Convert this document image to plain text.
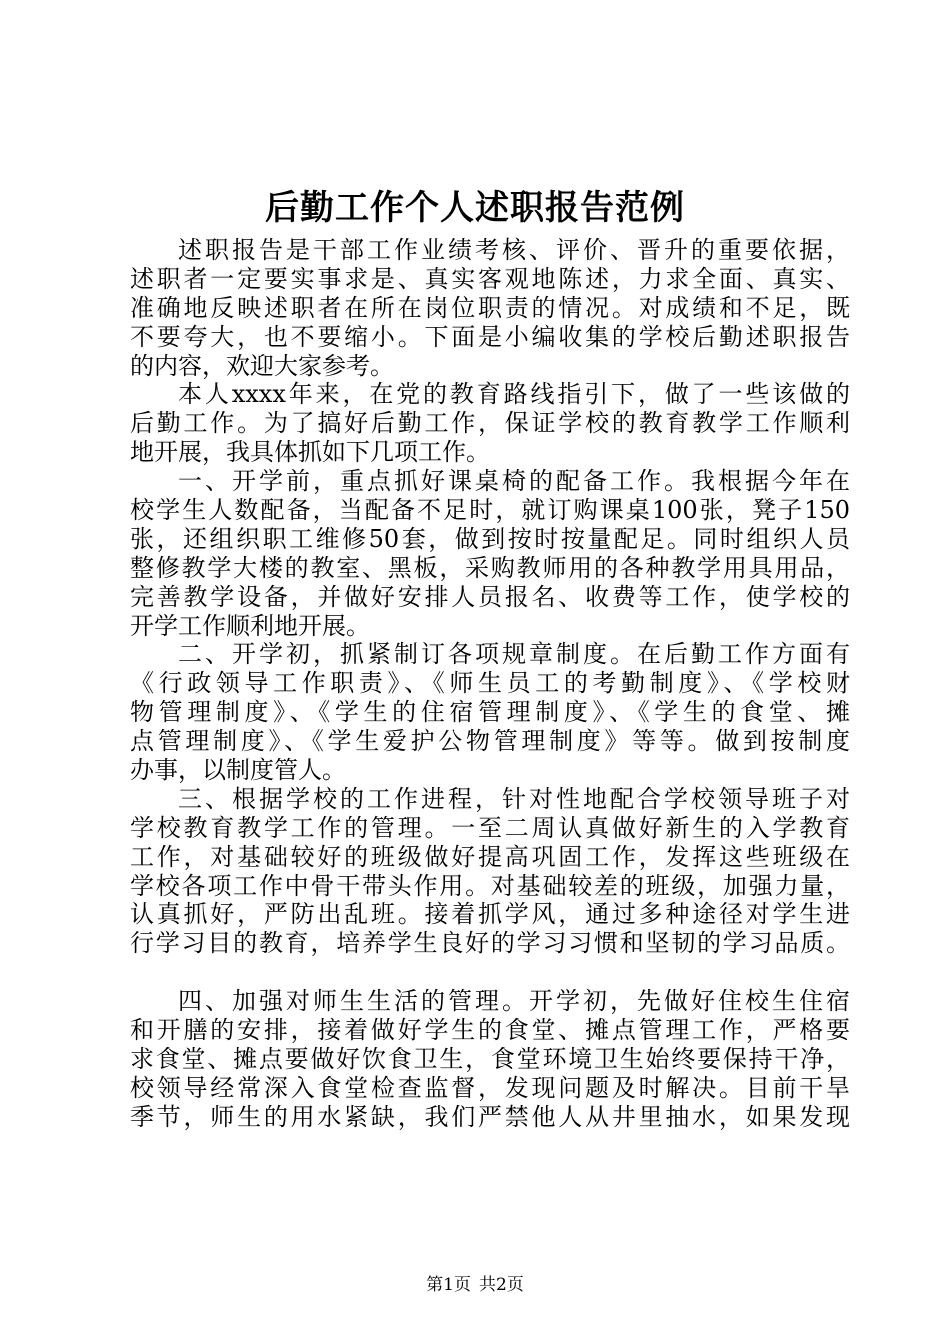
后勤工作个人述职报告范例
述职报告是干部工作业绩考核、评价、晋升的重要依据，
述职者一定要实事求是、真实客观地陈述，力求全面、真实、
准确地反映述职者在所在岗位职责的情况。对成绩和不足，既
不要夸大，也不要缩小。下面是小编收集的学校后勤述职报告
的内容，欢迎大家参考。
本人xxxx年来，在党的教育路线指引下，做了一些该做的
后勤工作。为了搞好后勤工作，保证学校的教育教学工作顺利
地开展，我具体抓如下几项工作。
一、开学前，重点抓好课桌椅的配备工作。我根据今年在
校学生人数配备，当配备不足时，就订购课桌100张，凳子150
张，还组织职工维修50套，做到按时按量配足。同时组织人员
整修教学大楼的教室、黑板，采购教师用的各种教学用具用品，
完善教学设备，并做好安排人员报名、收费等工作，使学校的
开学工作顺利地开展。
二、开学初，抓紧制订各项规章制度。在后勤工作方面有
《行政领导工作职责》、《师生员工的考勤制度》、《学校财
物管理制度》、《学生的住宿管理制度》、《学生的食堂、摊
点管理制度》、《学生爱护公物管理制度》等等。做到按制度
办事，以制度管人。
三、根据学校的工作进程，针对性地配合学校领导班子对
学校教育教学工作的管理。一至二周认真做好新生的入学教育
工作，对基础较好的班级做好提高巩固工作，发挥这些班级在
学校各项工作中骨干带头作用。对基础较差的班级，加强力量，
认真抓好，严防出乱班。接着抓学风，通过多种途径对学生进
行学习目的教育，培养学生良好的学习习惯和坚韧的学习品质。
四、加强对师生生活的管理。开学初，先做好住校生住宿
和开膳的安排，接着做好学生的食堂、摊点管理工作，严格要
求食堂、摊点要做好饮食卫生，食堂环境卫生始终要保持干净，
校领导经常深入食堂检查监督，发现问题及时解决。目前干旱
季节，师生的用水紧缺，我们严禁他人从井里抽水，如果发现
第1页 共2页
